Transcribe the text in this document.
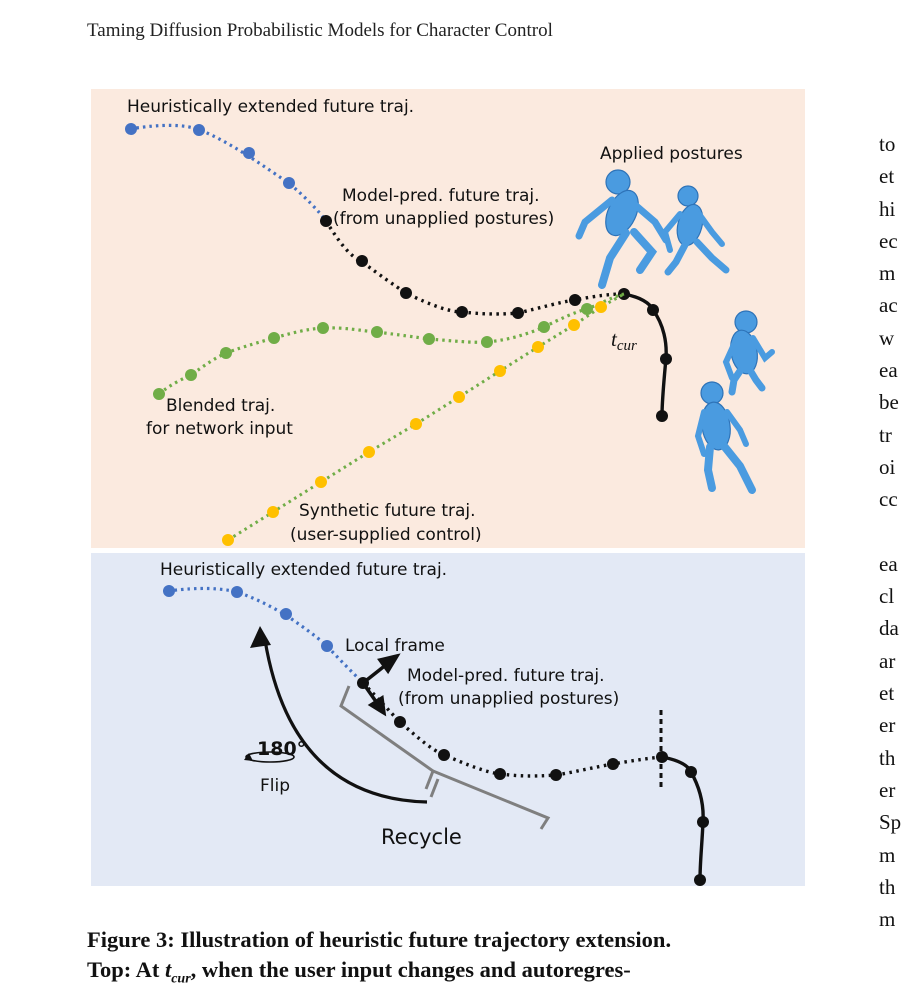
Taming Diffusion Probabilistic Models for Character Control
Heuristically extended future traj.
Applied postures
Model-pred. future traj.
(from unapplied postures)
tcur
Blended traj.
for network input
Synthetic future traj.
(user-supplied control)
180°
Heuristically extended future traj.
Local frame
Model-pred. future traj.
(from unapplied postures)
Flip
Recycle
to
et
hi
ec
m
ac
w
ea
be
tr
oi
cc
ea
cl
da
ar
et
er
th
er
Sp
m
th
m
Figure 3: Illustration of heuristic future trajectory extension.
Top: At $t_{cur}$, when the user input changes and autoregres-
